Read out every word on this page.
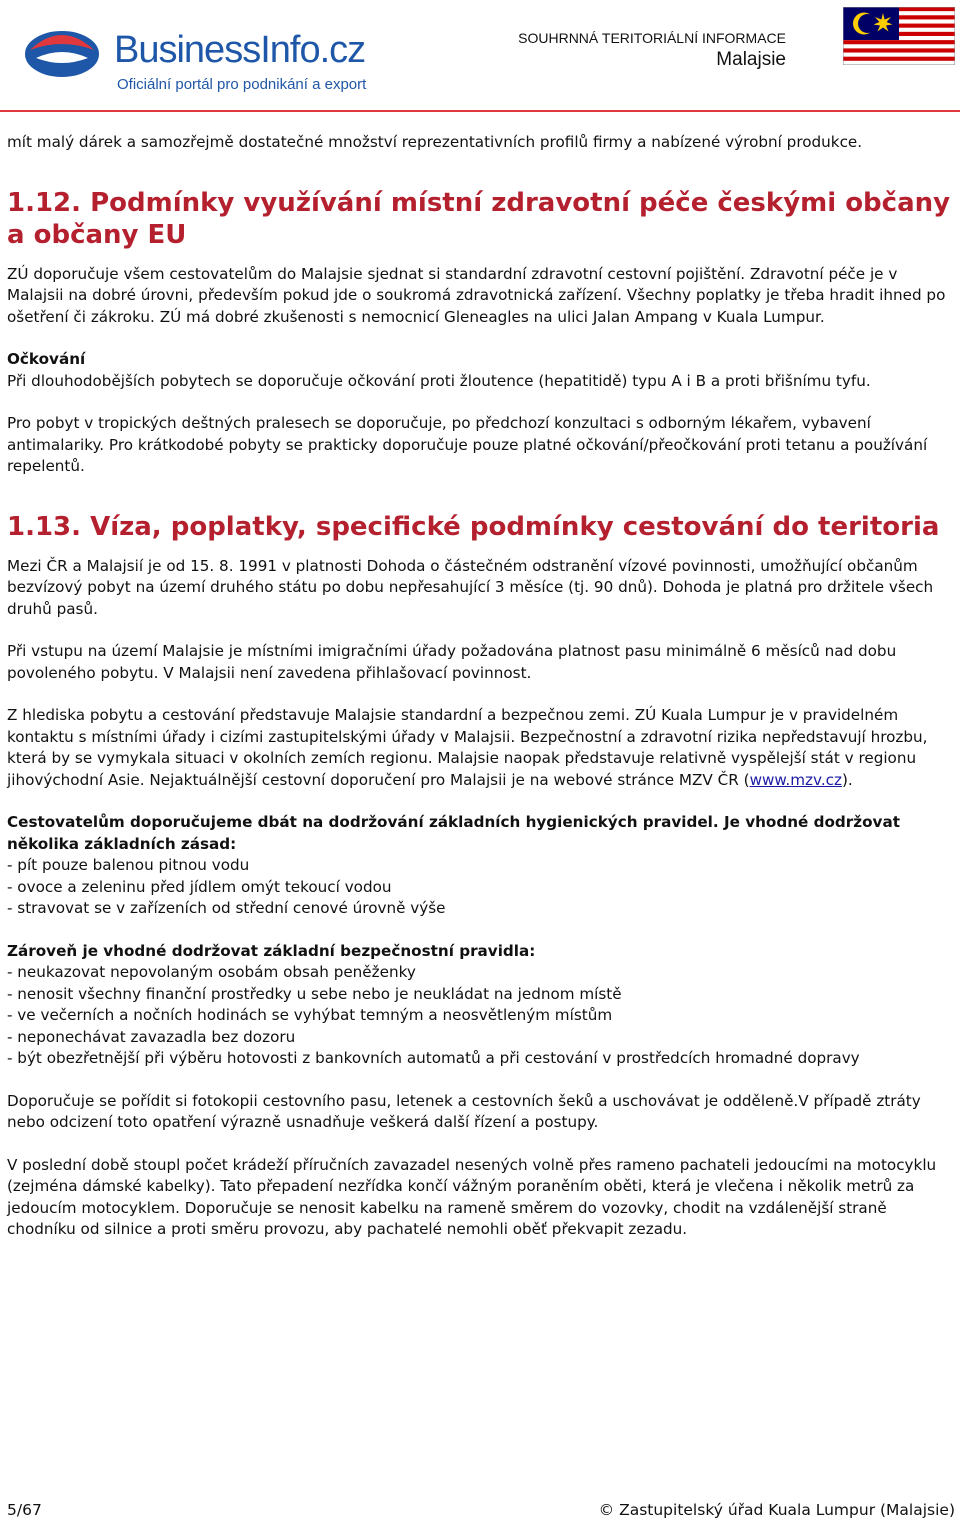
BusinessInfo.cz
Oficiální portál pro podnikání a export
SOUHRNNÁ TERITORIÁLNÍ INFORMACE
Malajsie

mít malý dárek a samozřejmě dostatečné množství reprezentativních profilů firmy a nabízené výrobní produkce.

1.12. Podmínky využívání místní zdravotní péče českými občany a občany EU

ZÚ doporučuje všem cestovatelům do Malajsie sjednat si standardní zdravotní cestovní pojištění. Zdravotní péče je v Malajsii na dobré úrovni, především pokud jde o soukromá zdravotnická zařízení. Všechny poplatky je třeba hradit ihned po ošetření či zákroku. ZÚ má dobré zkušenosti s nemocnicí Gleneagles na ulici Jalan Ampang v Kuala Lumpur.

Očkování
Při dlouhodobějších pobytech se doporučuje očkování proti žloutence (hepatitidě) typu A i B a proti břišnímu tyfu.

Pro pobyt v tropických deštných pralesech se doporučuje, po předchozí konzultaci s odborným lékařem, vybavení antimalariky. Pro krátkodobé pobyty se prakticky doporučuje pouze platné očkování/přeočkování proti tetanu a používání repelentů.

1.13. Víza, poplatky, specifické podmínky cestování do teritoria

Mezi ČR a Malajsií je od 15. 8. 1991 v platnosti Dohoda o částečném odstranění vízové povinnosti, umožňující občanům bezvízový pobyt na území druhého státu po dobu nepřesahující 3 měsíce (tj. 90 dnů). Dohoda je platná pro držitele všech druhů pasů.

Při vstupu na území Malajsie je místními imigračními úřady požadována platnost pasu minimálně 6 měsíců nad dobu povoleného pobytu. V Malajsii není zavedena přihlašovací povinnost.

Z hlediska pobytu a cestování představuje Malajsie standardní a bezpečnou zemi. ZÚ Kuala Lumpur je v pravidelném kontaktu s místními úřady i cizími zastupitelskými úřady v Malajsii. Bezpečnostní a zdravotní rizika nepředstavují hrozbu, která by se vymykala situaci v okolních zemích regionu. Malajsie naopak představuje relativně vyspělejší stát v regionu jihovýchodní Asie. Nejaktuálnější cestovní doporučení pro Malajsii je na webové stránce MZV ČR (www.mzv.cz).

Cestovatelům doporučujeme dbát na dodržování základních hygienických pravidel. Je vhodné dodržovat několika základních zásad:
- pít pouze balenou pitnou vodu
- ovoce a zeleninu před jídlem omýt tekoucí vodou
- stravovat se v zařízeních od střední cenové úrovně výše

Zároveň je vhodné dodržovat základní bezpečnostní pravidla:
- neukazovat nepovolaným osobám obsah peněženky
- nenosit všechny finanční prostředky u sebe nebo je neukládat na jednom místě
- ve večerních a nočních hodinách se vyhýbat temným a neosvětleným místům
- neponechávat zavazadla bez dozoru
- být obezřetnější při výběru hotovosti z bankovních automatů a při cestování v prostředcích hromadné dopravy

Doporučuje se pořídit si fotokopii cestovního pasu, letenek a cestovních šeků a uschovávat je odděleně.V případě ztráty nebo odcizení toto opatření výrazně usnadňuje veškerá další řízení a postupy.

V poslední době stoupl počet krádeží příručních zavazadel nesených volně přes rameno pachateli jedoucími na motocyklu (zejména dámské kabelky). Tato přepadení nezřídka končí vážným poraněním oběti, která je vlečena i několik metrů za jedoucím motocyklem. Doporučuje se nenosit kabelku na rameně směrem do vozovky, chodit na vzdálenější straně chodníku od silnice a proti směru provozu, aby pachatelé nemohli oběť překvapit zezadu.

5/67	© Zastupitelský úřad Kuala Lumpur (Malajsie)
